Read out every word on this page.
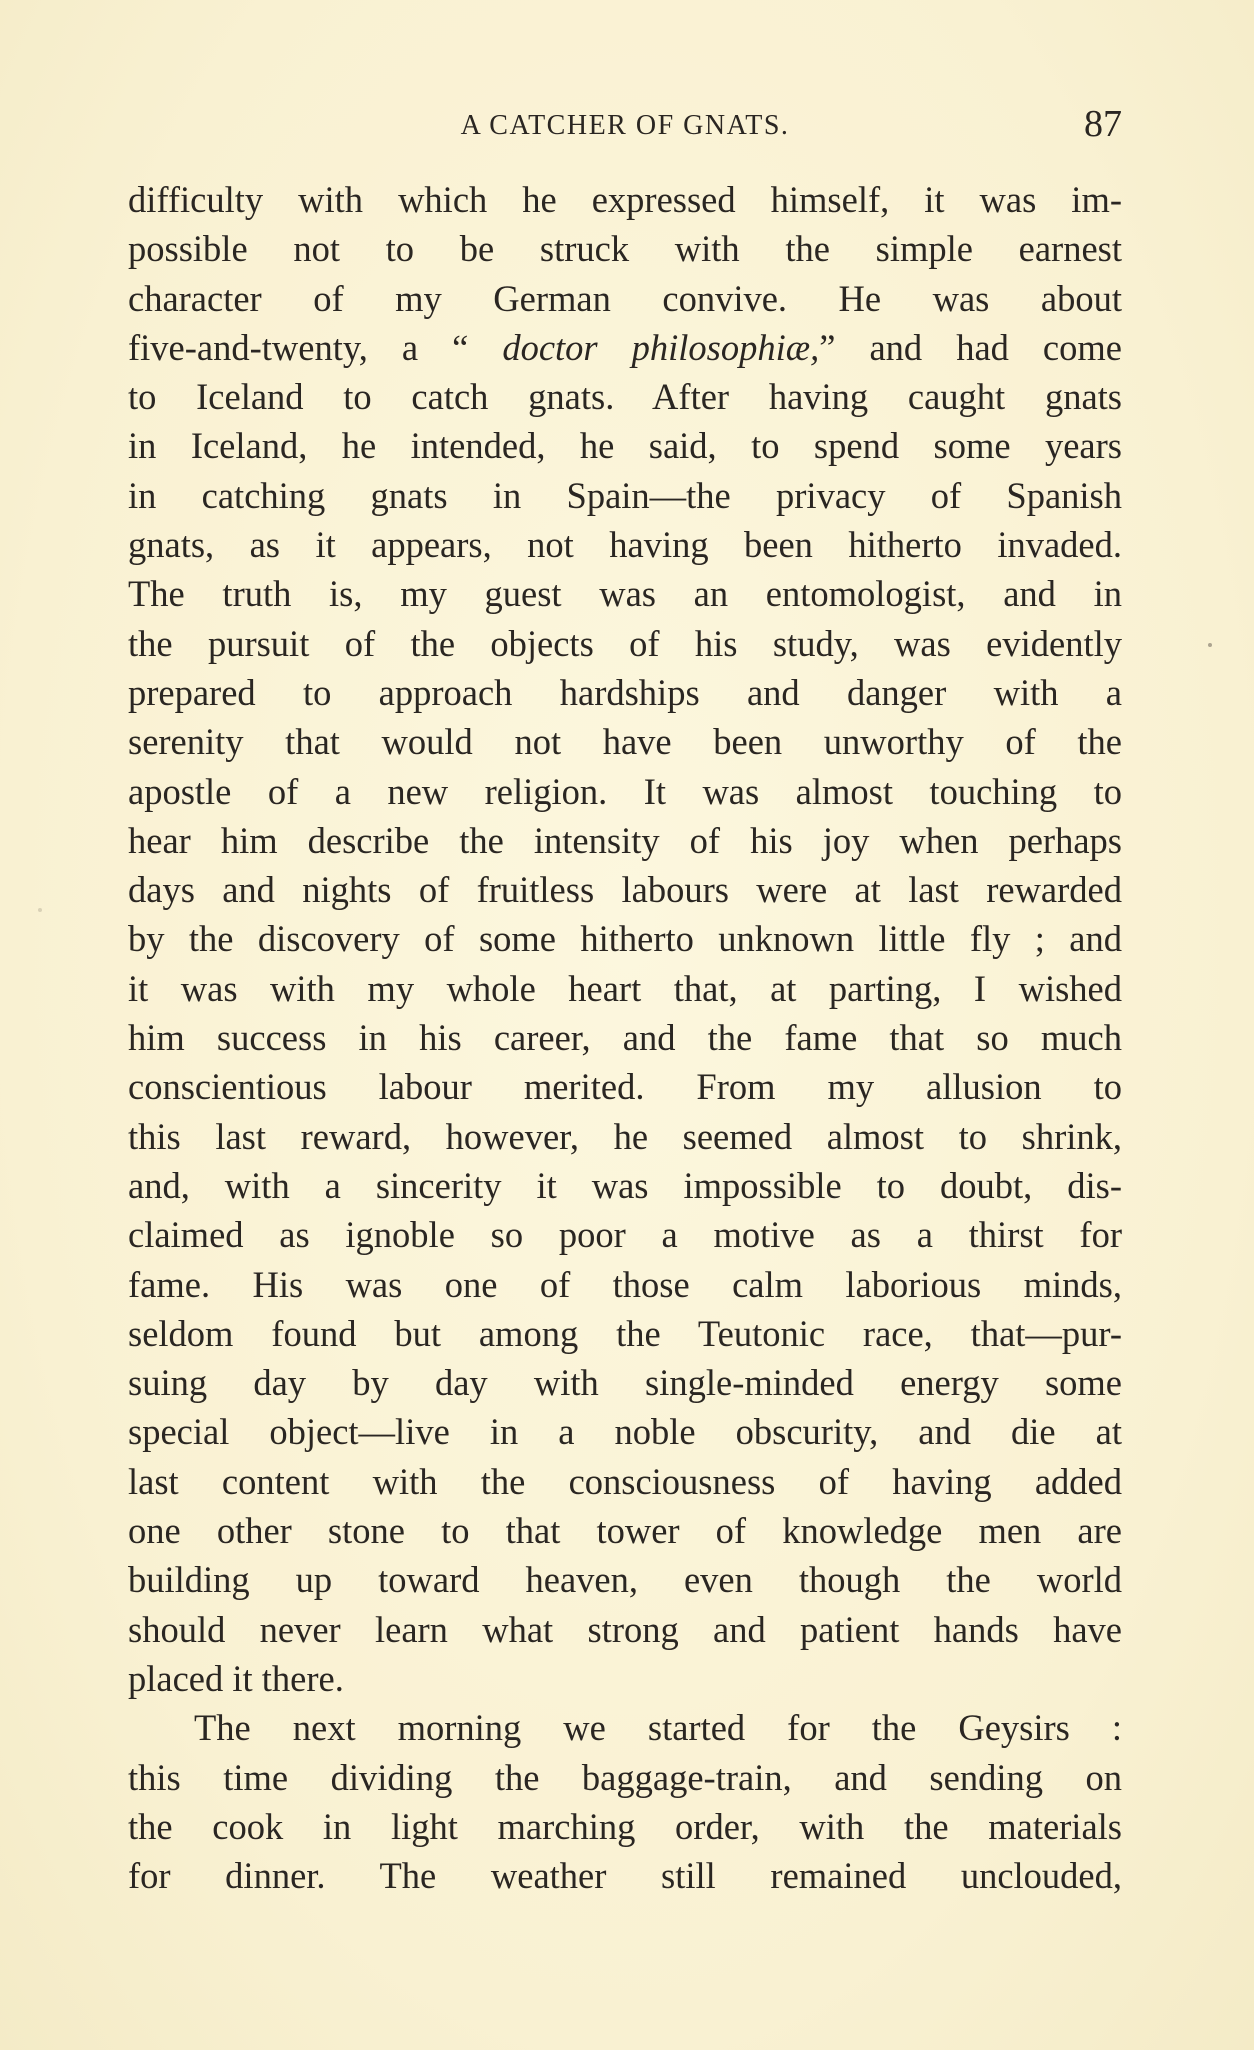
A CATCHER OF GNATS.	87
difficulty with which he expressed himself, it was im-
possible not to be struck with the simple earnest
character of my German convive. He was about
five-and-twenty, a “ doctor philosophiæ,” and had come
to Iceland to catch gnats. After having caught gnats
in Iceland, he intended, he said, to spend some years
in catching gnats in Spain—the privacy of Spanish
gnats, as it appears, not having been hitherto invaded.
The truth is, my guest was an entomologist, and in
the pursuit of the objects of his study, was evidently
prepared to approach hardships and danger with a
serenity that would not have been unworthy of the
apostle of a new religion. It was almost touching to
hear him describe the intensity of his joy when perhaps
days and nights of fruitless labours were at last rewarded
by the discovery of some hitherto unknown little fly ; and
it was with my whole heart that, at parting, I wished
him success in his career, and the fame that so much
conscientious labour merited. From my allusion to
this last reward, however, he seemed almost to shrink,
and, with a sincerity it was impossible to doubt, dis-
claimed as ignoble so poor a motive as a thirst for
fame. His was one of those calm laborious minds,
seldom found but among the Teutonic race, that—pur-
suing day by day with single-minded energy some
special object—live in a noble obscurity, and die at
last content with the consciousness of having added
one other stone to that tower of knowledge men are
building up toward heaven, even though the world
should never learn what strong and patient hands have
placed it there.
The next morning we started for the Geysirs :
this time dividing the baggage-train, and sending on
the cook in light marching order, with the materials
for dinner. The weather still remained unclouded,
